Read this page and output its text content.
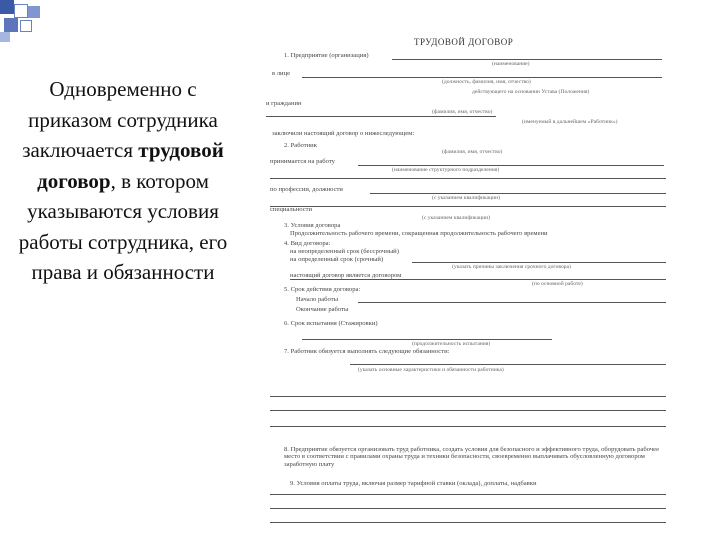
Одновременно с приказом сотрудника заключается трудовой договор, в котором указываются условия работы сотрудника, его права и обязанности
ТРУДОВОЙ ДОГОВОР
1. Предприятие (организация)
(наименование)
в лице
(должность, фамилия, имя, отчество)
действующего на основании Устава (Положения)
и гражданин
(фамилия, имя, отчество)
(именуемый в дальнейшем «Работник»)
заключили настоящий договор о нижеследующем:
2. Работник
(фамилия, имя, отчество)
принимается на работу
(наименование структурного подразделения)
по профессии, должности
(с указанием квалификации)
специальности
(с указанием квалификации)
3. Условия договора
Продолжительность рабочего времени, сокращенная продолжительность рабочего времени
4. Вид договора:
на неопределенный срок (бессрочный)
на определенный срок (срочный)
(указать причины заключения срочного договора)
настоящий договор является договором
(по основной работе)
5. Срок действия договора:
Начало работы
Окончание работы
6. Срок испытания (Стажировки)
(продолжительность испытания)
7. Работник обязуется выполнять следующие обязанности:
(указать основные характеристики и обязанности работника)
8. Предприятие обязуется организовать труд работника, создать условия для безопасного и эффективного труда, оборудовать рабочее место в соответствии с правилами охраны труда и техники безопасности, своевременно выплачивать обусловленную договором заработную плату
9. Условия оплаты труда, включая размер тарифной ставки (оклада), доплаты, надбавки
